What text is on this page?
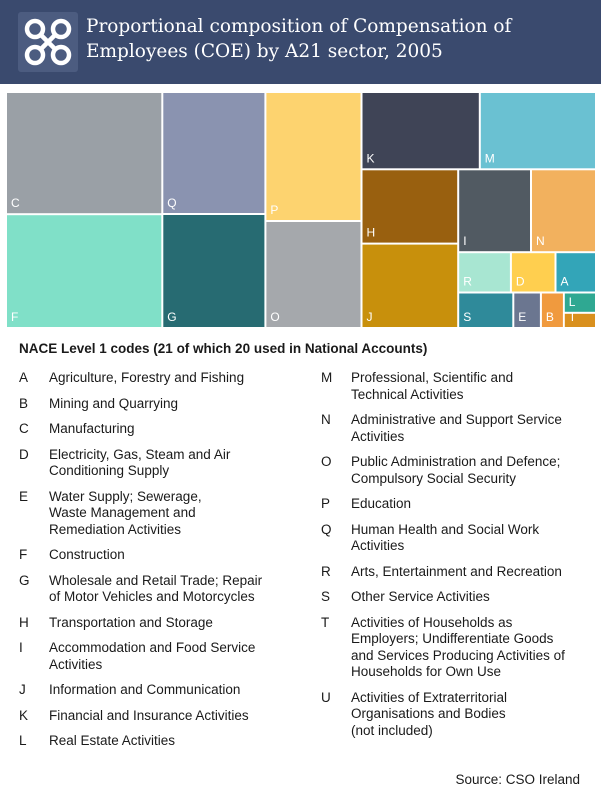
Proportional composition of Compensation of
Employees (COE) by A21 sector, 2005
C
F
Q
G
P
O
K	M
H
J
I	N
R	D	A
S	E B
L
T
NACE Level 1 codes (21 of which 20 used in National Accounts)
A	Agriculture, Forestry and Fishing
B	Mining and Quarrying
C	Manufacturing
D	Electricity, Gas, Steam and Air
Conditioning Supply
E	Water Supply; Sewerage,
Waste Management and
Remediation Activities
F	Construction
G	Wholesale and Retail Trade; Repair
of Motor Vehicles and Motorcycles
H	Transportation and Storage
I	Accommodation and Food Service
Activities
J	Information and Communication
K	Financial and Insurance Activities
L	Real Estate Activities
M	Professional, Scientific and
Technical Activities
N	Administrative and Support Service
Activities
O	Public Administration and Defence;
Compulsory Social Security
P	Education
Q	Human Health and Social Work
Activities
R	Arts, Entertainment and Recreation
S	Other Service Activities
T	Activities of Households as
Employers; Undifferentiate Goods
and Services Producing Activities of
Households for Own Use
U	Activities of Extraterritorial
Organisations and Bodies
(not included)
Source: CSO Ireland
